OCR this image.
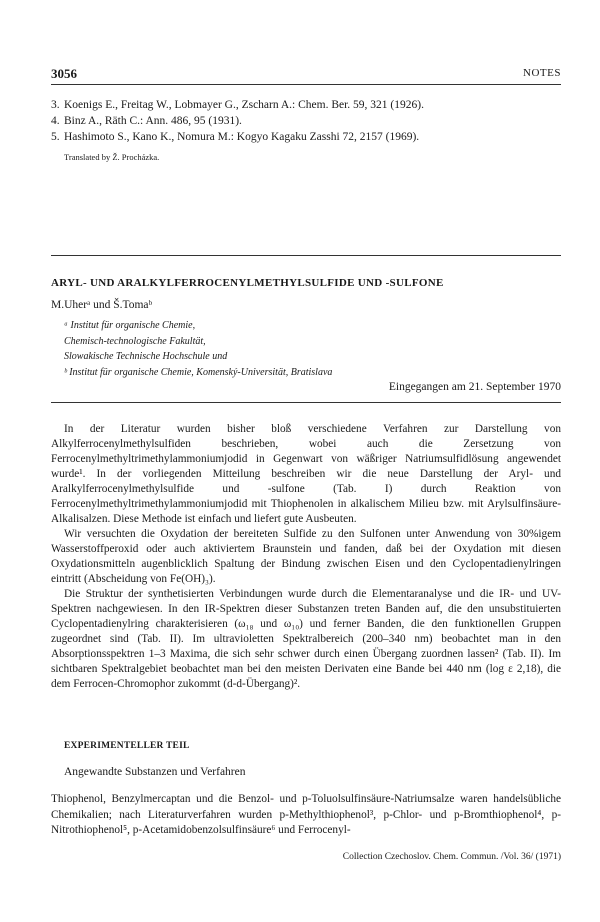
3056	NOTES
3. Koenigs E., Freitag W., Lobmayer G., Zscharn A.: Chem. Ber. 59, 321 (1926).
4. Binz A., Räth C.: Ann. 486, 95 (1931).
5. Hashimoto S., Kano K., Nomura M.: Kogyo Kagaku Zasshi 72, 2157 (1969).
Translated by Ž. Procházka.
ARYL- UND ARALKYLFERROCENYLMETHYLSULFIDE UND -SULFONE
M.Uherᵃ und Š.Tomaᵇ
ᵃ Institut für organische Chemie,
Chemisch-technologische Fakultät,
Slowakische Technische Hochschule und
ᵇ Institut für organische Chemie, Komenský-Universität, Bratislava
Eingegangen am 21. September 1970

In der Literatur wurden bisher bloß verschiedene Verfahren zur Darstellung von Alkylferrocenylmethylsulfiden beschrieben, wobei auch die Zersetzung von Ferrocenylmethyltrimethylammoniumjodid in Gegenwart von wäßriger Natriumsulfidlösung angewendet wurde¹. In der vorliegenden Mitteilung beschreiben wir die neue Darstellung der Aryl- und Aralkylferrocenylmethylsulfide und -sulfone (Tab. I) durch Reaktion von Ferrocenylmethyltrimethylammoniumjodid mit Thiophenolen in alkalischem Milieu bzw. mit Arylsulfinsäure-Alkalisalzen. Diese Methode ist einfach und liefert gute Ausbeuten.

Wir versuchten die Oxydation der bereiteten Sulfide zu den Sulfonen unter Anwendung von 30%igem Wasserstoffperoxid oder auch aktiviertem Braunstein und fanden, daß bei der Oxydation mit diesen Oxydationsmitteln augenblicklich Spaltung der Bindung zwischen Eisen und den Cyclopentadienylringen eintritt (Abscheidung von Fe(OH)₃).

Die Struktur der synthetisierten Verbindungen wurde durch die Elementaranalyse und die IR- und UV-Spektren nachgewiesen. In den IR-Spektren dieser Substanzen treten Banden auf, die den unsubstituierten Cyclopentadienylring charakterisieren (ω₁₈ und ω₁₀) und ferner Banden, die den funktionellen Gruppen zugeordnet sind (Tab. II). Im ultravioletten Spektralbereich (200–340 nm) beobachtet man in den Absorptionsspektren 1–3 Maxima, die sich sehr schwer durch einen Übergang zuordnen lassen² (Tab. II). Im sichtbaren Spektralgebiet beobachtet man bei den meisten Derivaten eine Bande bei 440 nm (log ε 2,18), die dem Ferrocen-Chromophor zukommt (d-d-Übergang)².

EXPERIMENTELLER TEIL
Angewandte Substanzen und Verfahren
Thiophenol, Benzylmercaptan und die Benzol- und p-Toluolsulfinsäure-Natriumsalze waren handelsübliche Chemikalien; nach Literaturverfahren wurden p-Methylthiophenol³, p-Chlor- und p-Bromthiophenol⁴, p-Nitrothiophenol⁵, p-Acetamidobenzolsulfinsäure⁶ und Ferrocenyl-
Collection Czechoslov. Chem. Commun. /Vol. 36/ (1971)
